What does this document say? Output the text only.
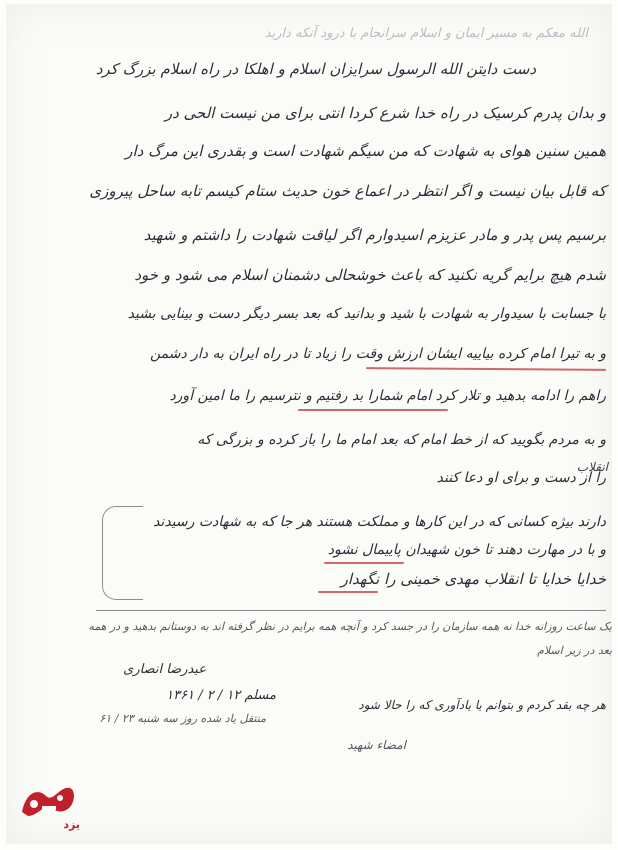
الله معکم به مسیر ایمان و اسلام سرانجام با درود آنکه دارید
دست دایتن الله الرسول سرایزان اسلام و اهلکا در راه اسلام بزرگ کرد
و بدان پدرم کرسیک در راه خدا شرع کردا انتی برای من نیست الحی در
همین سنین هوای به شهادت که من سیگم شهادت است و بقدری این مرگ دار
که قابل بیان نیست و اگر انتظر در اعماع خون حدیث ستام کیسم تابه ساحل پیروزی
برسیم پس پدر و مادر عزیزم اسیدوارم اگر لیاقت شهادت را داشتم و شهید
شدم هیچ برایم گریه نکنید که باعث خوشحالی دشمنان اسلام می شود و خود
با جسابت با سیدوار به شهادت با شید و بدانید که بعد بسر دیگر دست و بینایی بشید
و به تیرا امام کرده بیاییه ایشان ارزش وقت را زیاد تا در راه ایران به دار دشمن
راهم را ادامه بدهید و تلار کرد امام شمارا بد رفتیم و نترسیم را ما امین آورد
و به مردم بگویید که از خط امام که بعد امام ما را باز کرده و بزرگی که
انقلاب
را از دست و برای او دعا کنند
دارند بیژه کسانی که در این کارها و مملکت هستند هر جا که به شهادت رسیدند
و با در مهارت دهند تا خون شهیدان پاییمال نشود
خدایا خدایا تا انقلاب مهدی خمینی را نگهدار
یک ساعت روزانه خدا نه همه سازمان را در جسد کرد و آنچه همه برایم در نظر گرفته اند به دوستانم بدهید و در همه
بعد در زیر اسلام
عیدرضا انصاری
مسلم ۱۲ / ۲ / ۱۳۶۱
منتقل یاد شده روز سه شنبه ۲۳ / ۶۱
هر چه بقد کردم و بتوانم یا یادآوری که را حالا شود
امضاء شهید
یزد
